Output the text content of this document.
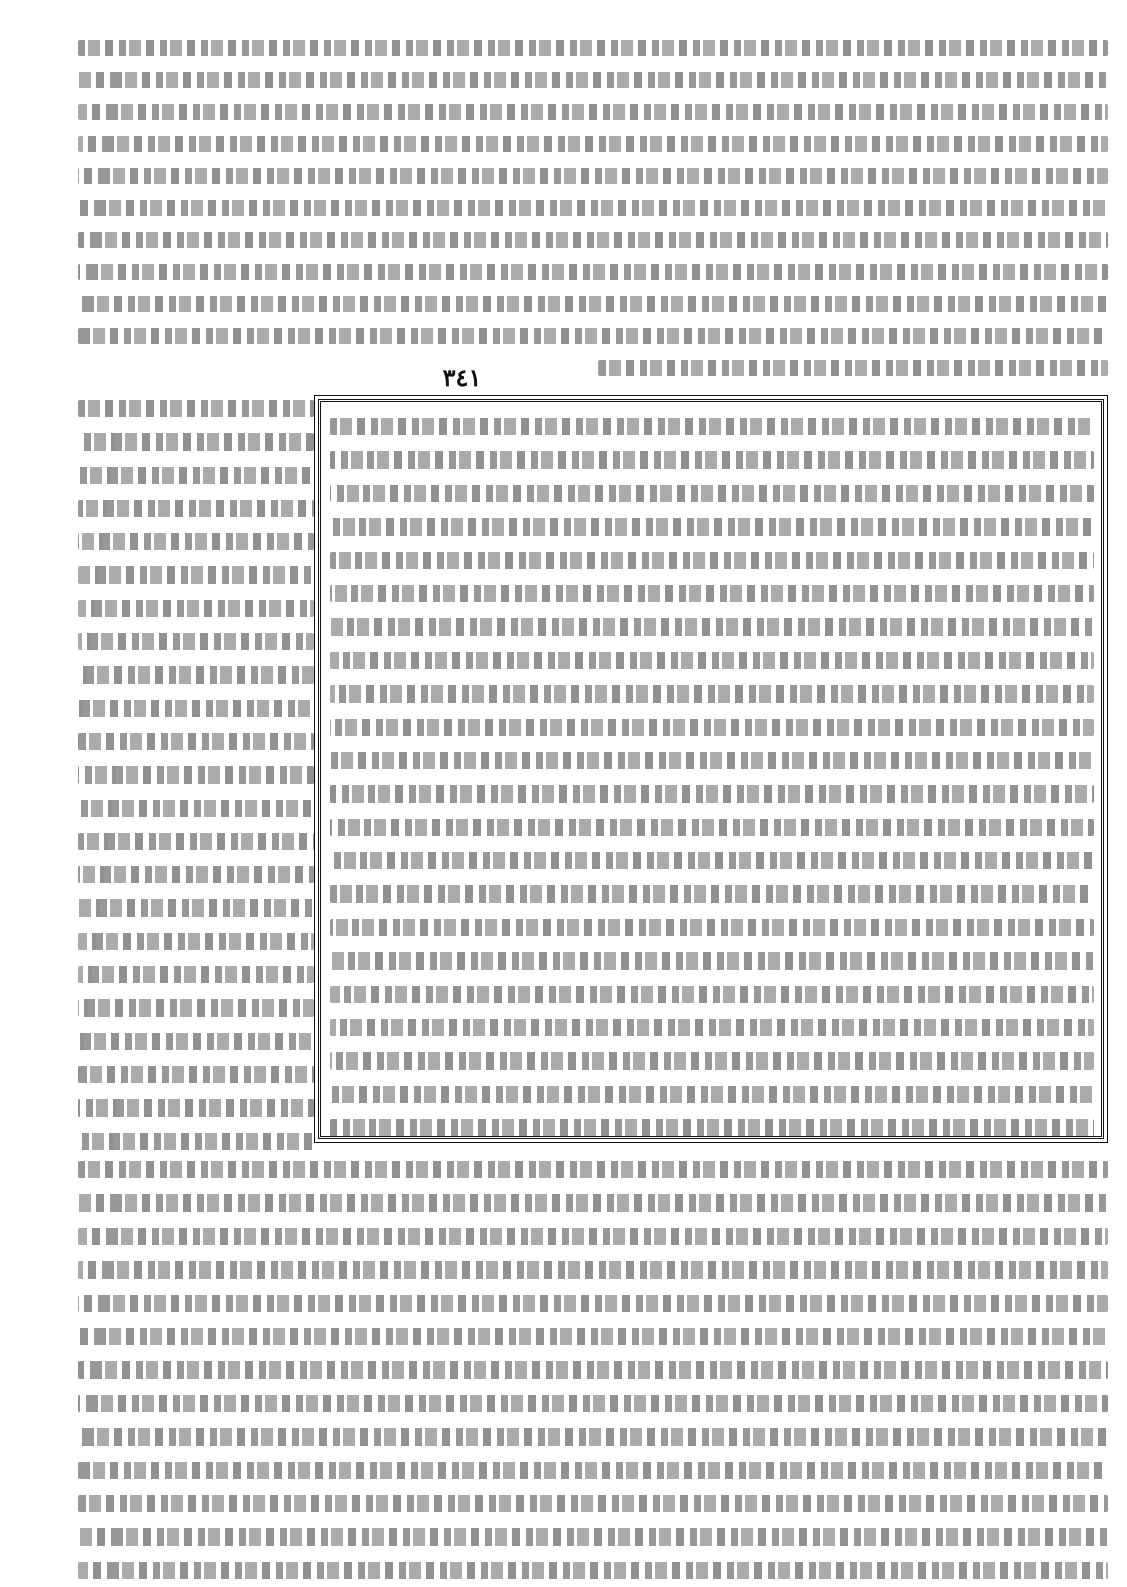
٣٤١
